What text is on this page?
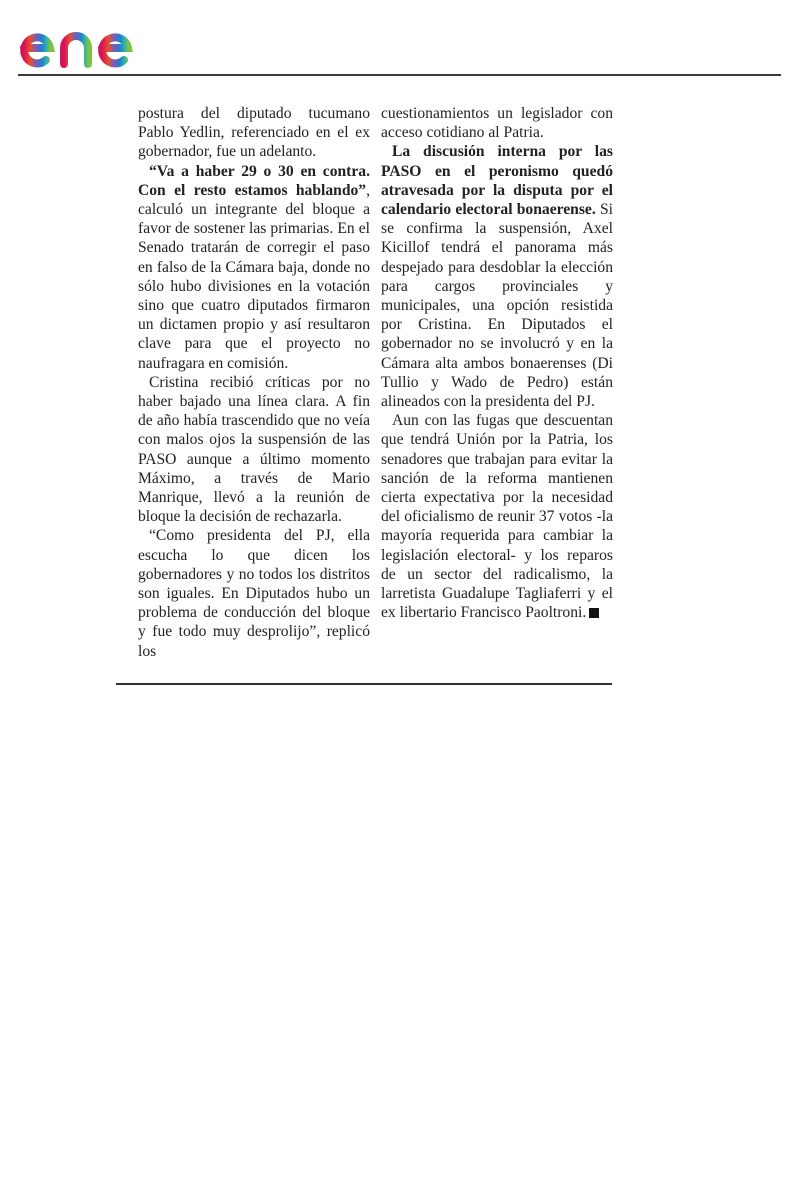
postura del diputado tucumano Pablo Yedlin, referenciado en el ex gobernador, fue un adelanto.

“Va a haber 29 o 30 en contra. Con el resto estamos hablando”, calculó un integrante del bloque a favor de sostener las primarias. En el Senado tratarán de corregir el paso en falso de la Cámara baja, donde no sólo hubo divisiones en la votación sino que cuatro diputados firmaron un dictamen propio y así resultaron clave para que el proyecto no naufragara en comisión.

Cristina recibió críticas por no haber bajado una línea clara. A fin de año había trascendido que no veía con malos ojos la suspensión de las PASO aunque a último momento Máximo, a través de Mario Manrique, llevó a la reunión de bloque la decisión de rechazarla.

“Como presidenta del PJ, ella escucha lo que dicen los gobernadores y no todos los distritos son iguales. En Diputados hubo un problema de conducción del bloque y fue todo muy desprolijo”, replicó los

cuestionamientos un legislador con acceso cotidiano al Patria.

La discusión interna por las PASO en el peronismo quedó atravesada por la disputa por el calendario electoral bonaerense. Si se confirma la suspensión, Axel Kicillof tendrá el panorama más despejado para desdoblar la elección para cargos provinciales y municipales, una opción resistida por Cristina. En Diputados el gobernador no se involucró y en la Cámara alta ambos bonaerenses (Di Tullio y Wado de Pedro) están alineados con la presidenta del PJ.

Aun con las fugas que descuentan que tendrá Unión por la Patria, los senadores que trabajan para evitar la sanción de la reforma mantienen cierta expectativa por la necesidad del oficialismo de reunir 37 votos -la mayoría requerida para cambiar la legislación electoral- y los reparos de un sector del radicalismo, la larretista Guadalupe Tagliaferri y el ex libertario Francisco Paoltroni.
